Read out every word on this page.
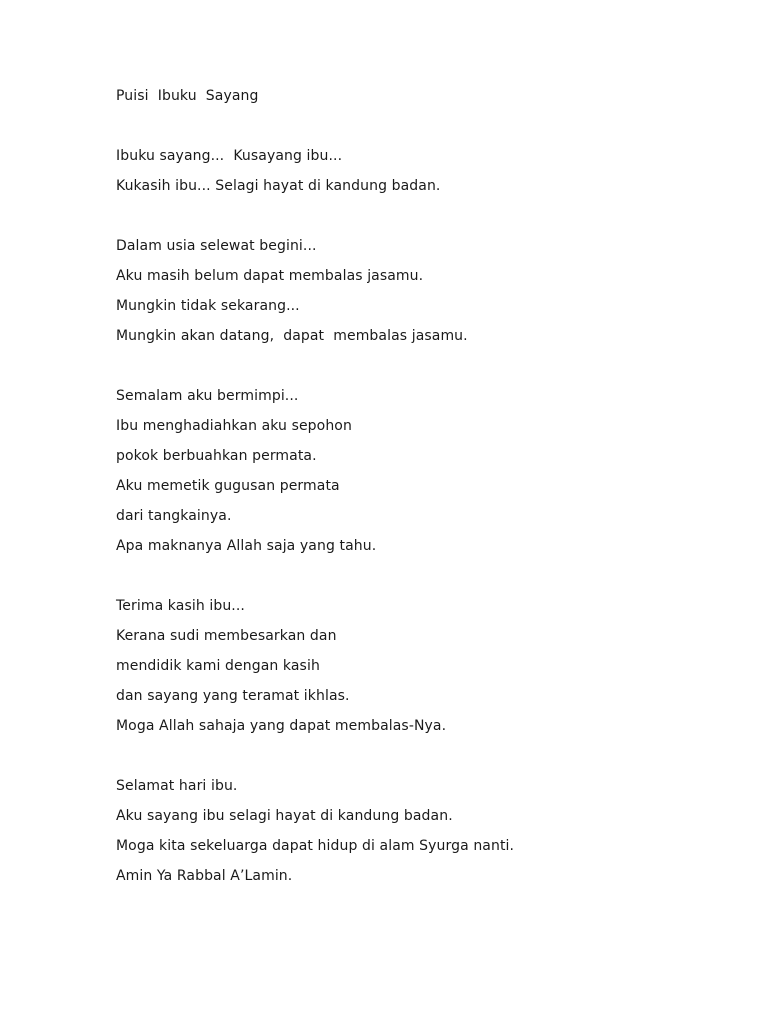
Puisi  Ibuku  Sayang
Ibuku sayang...  Kusayang ibu...
Kukasih ibu... Selagi hayat di kandung badan.
Dalam usia selewat begini...
Aku masih belum dapat membalas jasamu.
Mungkin tidak sekarang...
Mungkin akan datang,  dapat  membalas jasamu.
Semalam aku bermimpi...
Ibu menghadiahkan aku sepohon
pokok berbuahkan permata.
Aku memetik gugusan permata
dari tangkainya.
Apa maknanya Allah saja yang tahu.
Terima kasih ibu...
Kerana sudi membesarkan dan
mendidik kami dengan kasih
dan sayang yang teramat ikhlas.
Moga Allah sahaja yang dapat membalas-Nya.
Selamat hari ibu.
Aku sayang ibu selagi hayat di kandung badan.
Moga kita sekeluarga dapat hidup di alam Syurga nanti.
Amin Ya Rabbal A’Lamin.
